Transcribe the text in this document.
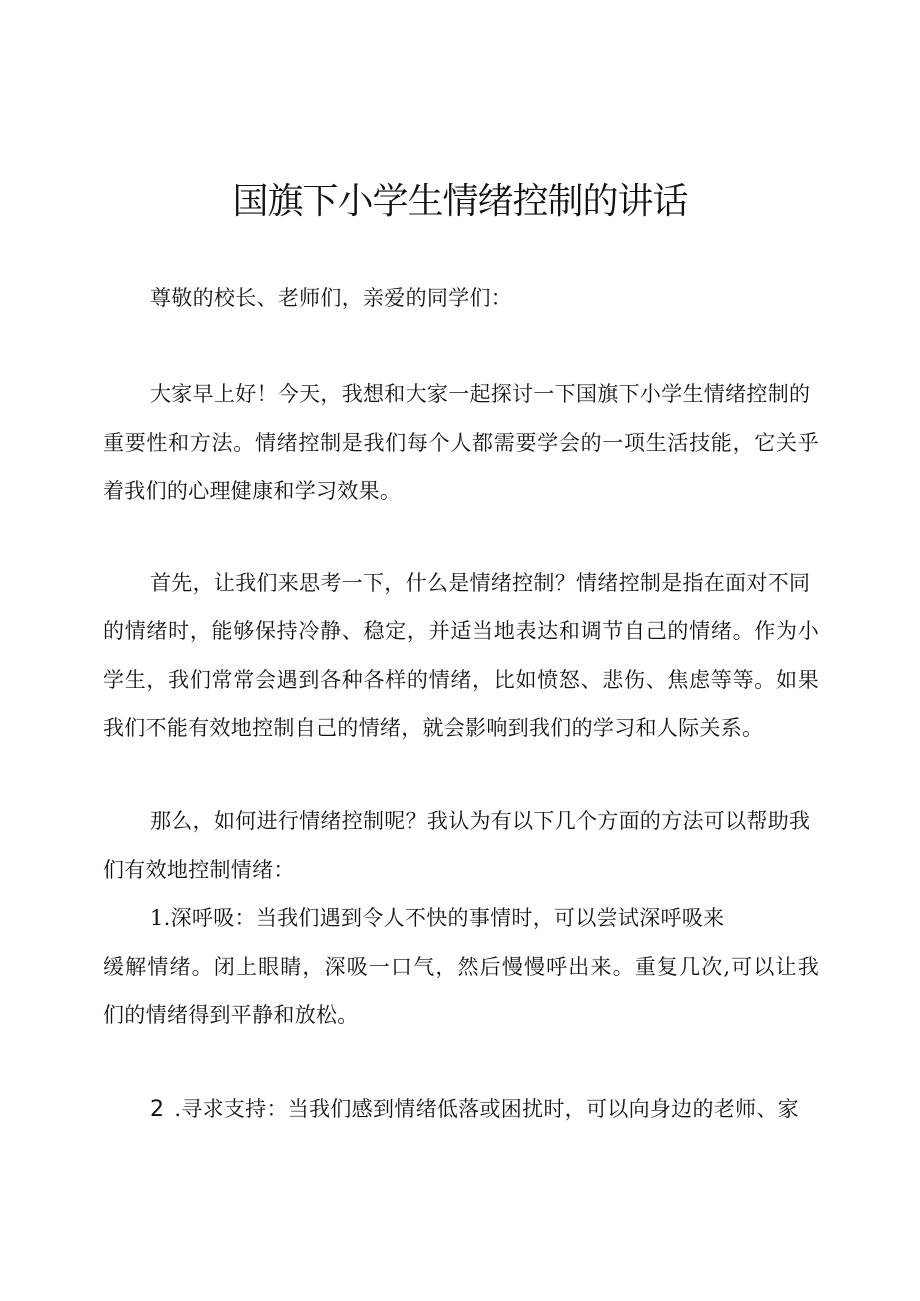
国旗下小学生情绪控制的讲话
尊敬的校长、老师们，亲爱的同学们：
大家早上好！今天，我想和大家一起探讨一下国旗下小学生情绪控制的
重要性和方法。情绪控制是我们每个人都需要学会的一项生活技能，它关乎
着我们的心理健康和学习效果。
首先，让我们来思考一下，什么是情绪控制？情绪控制是指在面对不同
的情绪时，能够保持冷静、稳定，并适当地表达和调节自己的情绪。作为小
学生，我们常常会遇到各种各样的情绪，比如愤怒、悲伤、焦虑等等。如果
我们不能有效地控制自己的情绪，就会影响到我们的学习和人际关系。
那么，如何进行情绪控制呢？我认为有以下几个方面的方法可以帮助我
们有效地控制情绪：
1.深呼吸：当我们遇到令人不快的事情时，可以尝试深呼吸来
缓解情绪。闭上眼睛，深吸一口气，然后慢慢呼出来。重复几次,可以让我
们的情绪得到平静和放松。
2 .寻求支持：当我们感到情绪低落或困扰时，可以向身边的老师、家
